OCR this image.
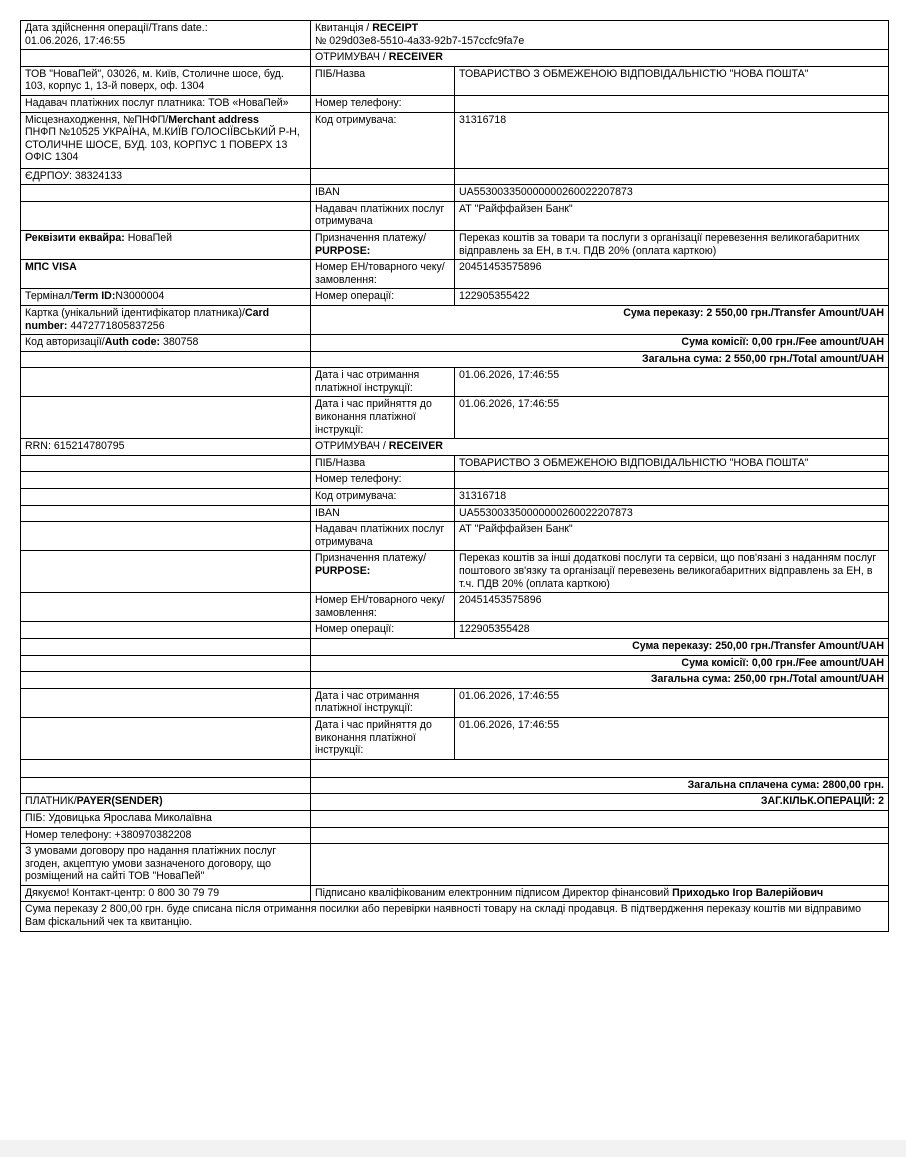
Дата здійснення операції/Trans date.:
01.06.2026, 17:46:55	Квитанція / RECEIPT
№ 029d03e8-5510-4a33-92b7-157ccfc9fa7e	
	ОТРИМУВАЧ / RECEIVER	
ТОВ "НоваПей", 03026, м. Київ, Столичне шосе, буд. 103, корпус 1, 13-й поверх, оф. 1304	ПІБ/Назва	ТОВАРИСТВО З ОБМЕЖЕНОЮ ВІДПОВІДАЛЬНІСТЮ "НОВА ПОШТА"
Надавач платіжних послуг платника: ТОВ «НоваПей»	Номер телефону:	
Місцезнаходження, №ПНФП/Merchant address
ПНФП №10525 УКРАЇНА, М.КИЇВ ГОЛОСІЇВСЬКИЙ Р-Н, СТОЛИЧНЕ ШОСЕ, БУД. 103, КОРПУС 1 ПОВЕРХ 13 ОФІС 1304	Код отримувача:	31316718
ЄДРПОУ: 38324133		
	IBAN	UA553003350000000260022207873
	Надавач платіжних послуг отримувача	АТ "Райффайзен Банк"
Реквізити еквайра: НоваПей	Призначення платежу/
PURPOSE:	Переказ коштів за товари та послуги з організації перевезення великогабаритних відправлень за ЕН, в т.ч. ПДВ 20% (оплата карткою)
МПС VISA	Номер ЕН/товарного чеку/замовлення:	20451453575896
Термінал/Term ID:N3000004	Номер операції:	122905355422
Картка (унікальний ідентифікатор платника)/Card number: 4472771805837256	Сума переказу: 2 550,00 грн./Transfer Amount/UAH	
Код авторизації/Auth code: 380758	Сума комісії: 0,00 грн./Fee amount/UAH	
	Загальна сума: 2 550,00 грн./Total amount/UAH	
	Дата і час отримання платіжної інструкції:	01.06.2026, 17:46:55
	Дата і час прийняття до виконання платіжної інструкції:	01.06.2026, 17:46:55
RRN: 615214780795	ОТРИМУВАЧ / RECEIVER	
	ПІБ/Назва	ТОВАРИСТВО З ОБМЕЖЕНОЮ ВІДПОВІДАЛЬНІСТЮ "НОВА ПОШТА"
	Номер телефону:	
	Код отримувача:	31316718
	IBAN	UA553003350000000260022207873
	Надавач платіжних послуг отримувача	АТ "Райффайзен Банк"
	Призначення платежу/
PURPOSE:	Переказ коштів за інші додаткові послуги та сервіси, що пов'язані з наданням послуг поштового зв'язку та організації перевезень великогабаритних відправлень за ЕН, в т.ч. ПДВ 20% (оплата карткою)
	Номер ЕН/товарного чеку/замовлення:	20451453575896
	Номер операції:	122905355428
	Сума переказу: 250,00 грн./Transfer Amount/UAH	
	Сума комісії: 0,00 грн./Fee amount/UAH	
	Загальна сума: 250,00 грн./Total amount/UAH	
	Дата і час отримання платіжної інструкції:	01.06.2026, 17:46:55
	Дата і час прийняття до виконання платіжної інструкції:	01.06.2026, 17:46:55

	Загальна сплачена сума: 2800,00 грн.	
ПЛАТНИК/PAYER(SENDER)	ЗАГ.КІЛЬК.ОПЕРАЦІЙ: 2	
ПІБ: Удовицька Ярослава Миколаївна		
Номер телефону: +380970382208		
З умовами договору про надання платіжних послуг згоден, акцептую умови зазначеного договору, що розміщений на сайті ТОВ "НоваПей"		
Дякуємо! Контакт-центр: 0 800 30 79 79	Підписано кваліфікованим електронним підписом Директор фінансовий Приходько Ігор Валерійович	
Сума переказу 2 800,00 грн. буде списана після отримання посилки або перевірки наявності товару на складі продавця. В підтвердження переказу коштів ми відправимо Вам фіскальний чек та квитанцію.		
